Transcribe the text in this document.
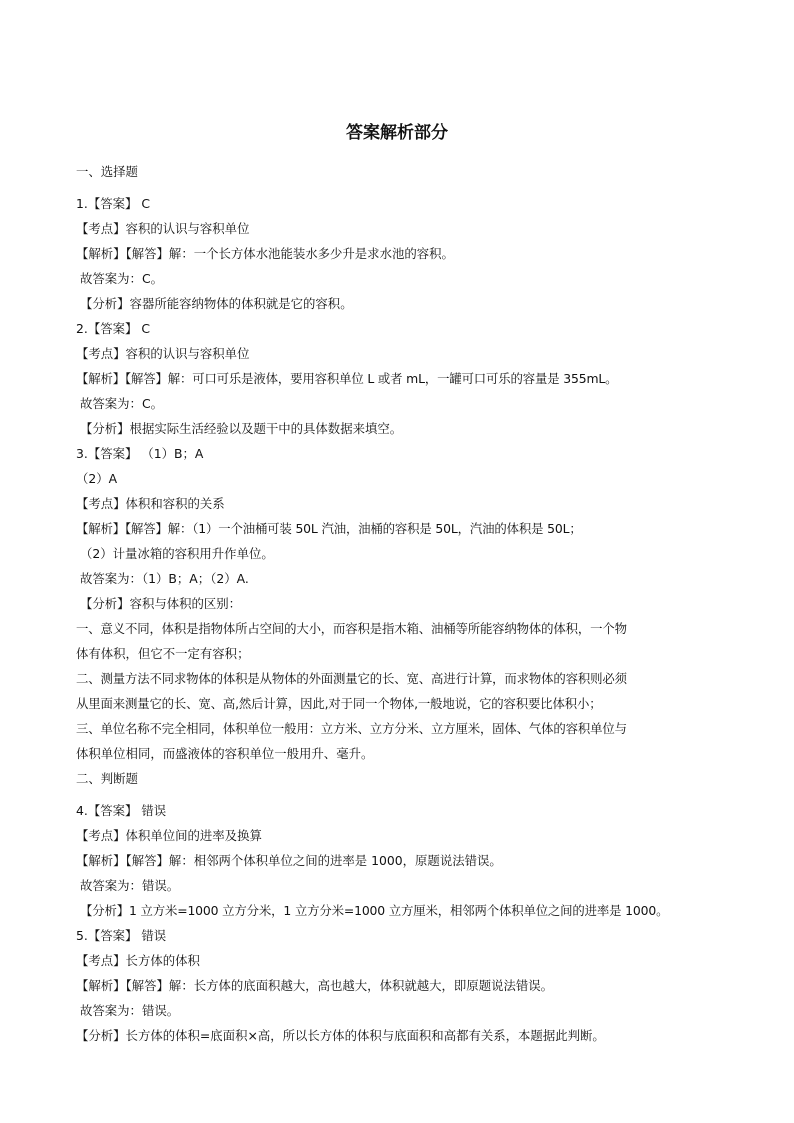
答案解析部分
一、选择题
1.【答案】 C
【考点】容积的认识与容积单位
【解析】【解答】解：一个长方体水池能装水多少升是求水池的容积。
故答案为：C。
【分析】容器所能容纳物体的体积就是它的容积。
2.【答案】 C
【考点】容积的认识与容积单位
【解析】【解答】解：可口可乐是液体，要用容积单位 L 或者 mL，一罐可口可乐的容量是 355mL。
故答案为：C。
【分析】根据实际生活经验以及题干中的具体数据来填空。
3.【答案】 （1）B；A
（2）A
【考点】体积和容积的关系
【解析】【解答】解：（1）一个油桶可装 50L 汽油，油桶的容积是 50L，汽油的体积是 50L；
（2）计量冰箱的容积用升作单位。
故答案为：（1）B；A；（2）A.
【分析】容积与体积的区别：
一、意义不同，体积是指物体所占空间的大小，而容积是指木箱、油桶等所能容纳物体的体积，一个物
体有体积，但它不一定有容积；
二、测量方法不同求物体的体积是从物体的外面测量它的长、宽、高进行计算，而求物体的容积则必须
从里面来测量它的长、宽、高,然后计算，因此,对于同一个物体,一般地说，它的容积要比体积小；
三、单位名称不完全相同，体积单位一般用：立方米、立方分米、立方厘米，固体、气体的容积单位与
体积单位相同，而盛液体的容积单位一般用升、毫升。
二、判断题
4.【答案】 错误
【考点】体积单位间的进率及换算
【解析】【解答】解：相邻两个体积单位之间的进率是 1000，原题说法错误。
故答案为：错误。
【分析】1 立方米=1000 立方分米，1 立方分米=1000 立方厘米，相邻两个体积单位之间的进率是 1000。
5.【答案】 错误
【考点】长方体的体积
【解析】【解答】解：长方体的底面积越大，高也越大，体积就越大，即原题说法错误。
故答案为：错误。
【分析】长方体的体积=底面积×高，所以长方体的体积与底面积和高都有关系，本题据此判断。
